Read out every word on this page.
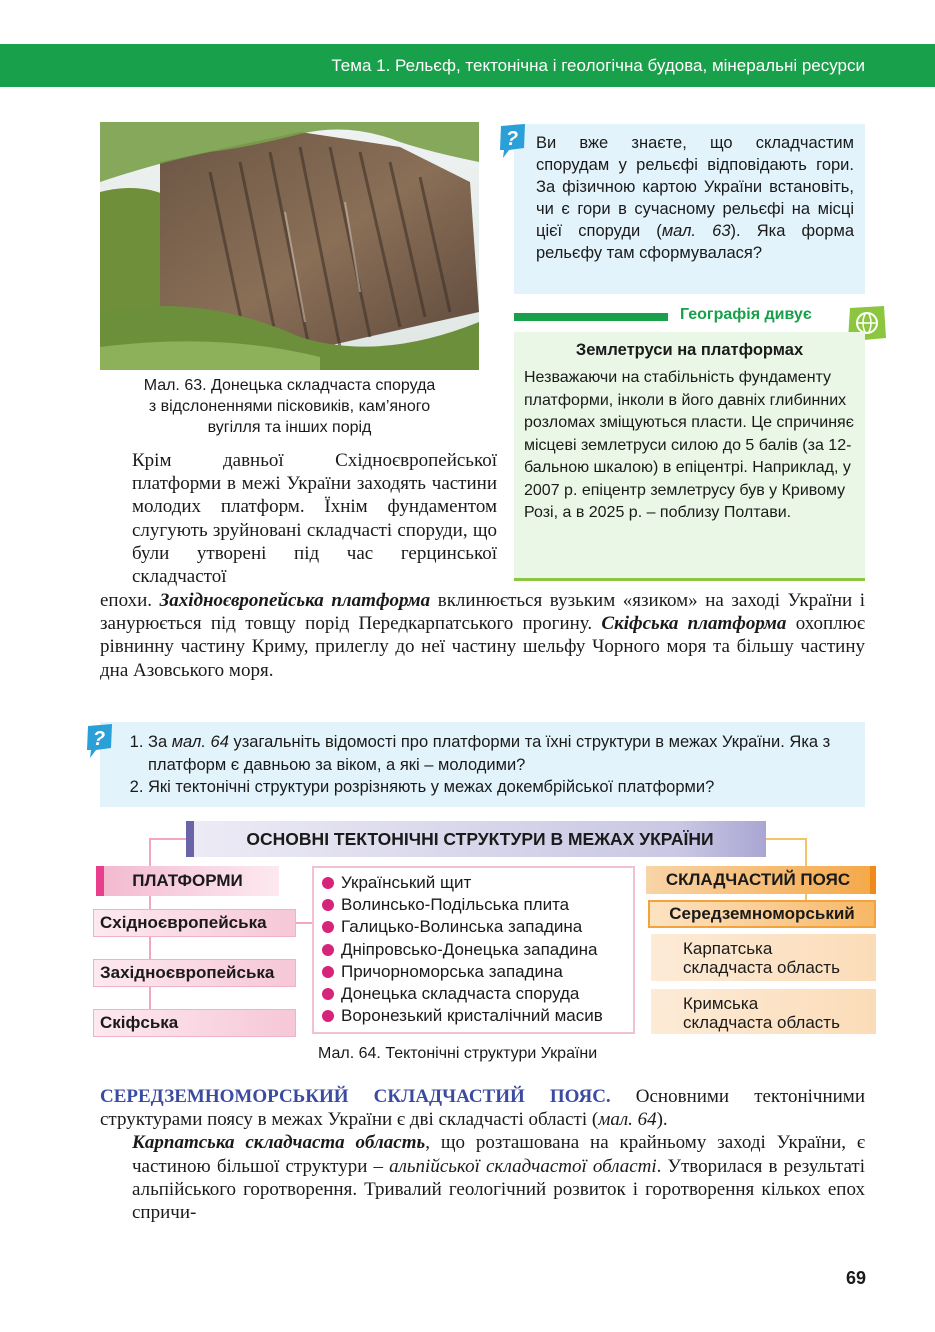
Тема 1. Рельєф, тектонічна і геологічна будова, мінеральні ресурси
Мал. 63. Донецька складчаста споруда
з відслоненнями пісковиків, кам’яного
вугілля та інших порід
? Ви вже знаєте, що складчастим спорудам у рельєфі відповідають гори. За фізичною картою України встановіть, чи є гори в сучасному рельєфі на місці цієї споруди (мал. 63). Яка форма рельєфу там сформувалася?
Географія дивує
Землетруси на платформах
Незважаючи на стабільність фундаменту платформи, інколи в його давніх глибинних розломах зміщуються пласти. Це спричиняє місцеві землетруси силою до 5 балів (за 12-бальною шкалою) в епіцентрі. Наприклад, у 2007 р. епіцентр землетрусу був у Кривому Розі, а в 2025 р. – поблизу Полтави.

Крім давньої Східноєвропейської платформи в межі України заходять частини молодих платформ. Їхнім фундаментом слугують зруйновані складчасті споруди, що були утворені під час герцинської складчастої

епохи. Західноєвропейська платформа вклинюється вузьким «язиком» на заході України і занурюється під товщу порід Передкарпатського прогину. Скіфська платформа охоплює рівнинну частину Криму, прилеглу до неї частину шельфу Чорного моря та більшу частину дна Азовського моря.
?
1.	За мал. 64 узагальніть відомості про платформи та їхні структури в межах України. Яка з платформ є давньою за віком, а які – молодими?
2. Які тектонічні структури розрізняють у межах докембрійської платформи?
ОСНОВНІ ТЕКТОНІЧНІ СТРУКТУРИ В МЕЖАХ УКРАЇНИ
ПЛАТФОРМИ
Східноєвропейська
Західноєвропейська
Скіфська
Український щит
Волинсько-Подільська плита
Галицько-Волинська западина
Дніпровсько-Донецька западина
Причорноморська западина
Донецька складчаста споруда
Воронезький кристалічний масив
СКЛАДЧАСТИЙ ПОЯС
Середземноморський
Карпатська
складчаста область
Кримська
складчаста область
Мал. 64. Тектонічні структури України
СЕРЕДЗЕМНОМОРСЬКИЙ СКЛАДЧАСТИЙ ПОЯС. Основними тектонічними структурами поясу в межах України є дві складчасті області (мал. 64).
Карпатська складчаста область, що розташована на крайньому заході України, є частиною більшої структури – альпійської складчастої області. Утворилася в результаті альпійського горотворення. Тривалий геологічний розвиток і горотворення кількох епох спричи-
69
